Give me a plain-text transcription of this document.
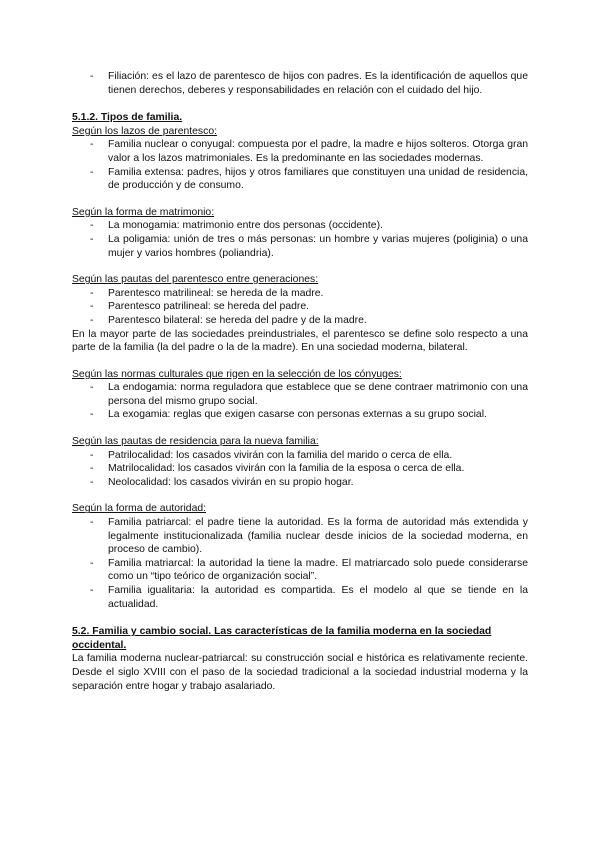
- Filiación: es el lazo de parentesco de hijos con padres. Es la identificación de aquellos que tienen derechos, deberes y responsabilidades en relación con el cuidado del hijo.

5.1.2. Tipos de familia.

Según los lazos de parentesco:

- Familia nuclear o conyugal: compuesta por el padre, la madre e hijos solteros. Otorga gran valor a los lazos matrimoniales. Es la predominante en las sociedades modernas.
- Familia extensa: padres, hijos y otros familiares que constituyen una unidad de residencia, de producción y de consumo.

Según la forma de matrimonio:

- La monogamia: matrimonio entre dos personas (occidente).
- La poligamia: unión de tres o más personas: un hombre y varias mujeres (poliginia) o una mujer y varios hombres (poliandria).

Según las pautas del parentesco entre generaciones:

- Parentesco matrilineal: se hereda de la madre.
- Parentesco patrilineal: se hereda del padre.
- Parentesco bilateral: se hereda del padre y de la madre.

En la mayor parte de las sociedades preindustriales, el parentesco se define solo respecto a una parte de la familia (la del padre o la de la madre). En una sociedad moderna, bilateral.

Según las normas culturales que rigen en la selección de los cónyuges:

- La endogamia: norma reguladora que establece que se dene contraer matrimonio con una persona del mismo grupo social.
- La exogamia: reglas que exigen casarse con personas externas a su grupo social.

Según las pautas de residencia para la nueva familia:

- Patrilocalidad: los casados vivirán con la familia del marido o cerca de ella.
- Matrilocalidad: los casados vivirán con la familia de la esposa o cerca de ella.
- Neolocalidad: los casados vivirán en su propio hogar.

Según la forma de autoridad:

- Familia patriarcal: el padre tiene la autoridad. Es la forma de autoridad más extendida y legalmente institucionalizada (familia nuclear desde inicios de la sociedad moderna, en proceso de cambio).
- Familia matriarcal: la autoridad la tiene la madre. El matriarcado solo puede considerarse como un “tipo teórico de organización social”.
- Familia igualitaria: la autoridad es compartida. Es el modelo al que se tiende en la actualidad.

5.2. Familia y cambio social. Las características de la familia moderna en la sociedad occidental.

La familia moderna nuclear-patriarcal: su construcción social e histórica es relativamente reciente. Desde el siglo XVIII con el paso de la sociedad tradicional a la sociedad industrial moderna y la separación entre hogar y trabajo asalariado.
